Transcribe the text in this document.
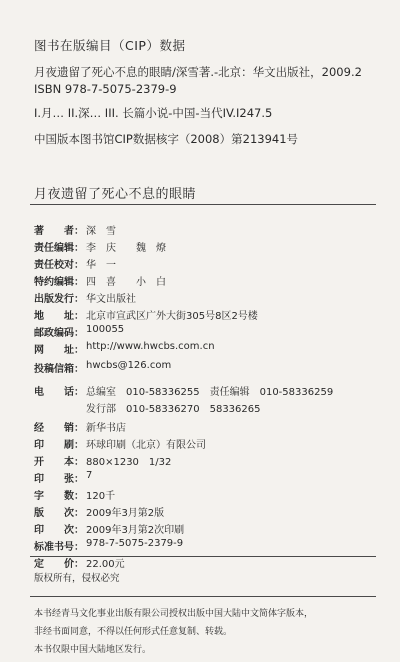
图书在版编目（CIP）数据
月夜遗留了死心不息的眼睛/深雪著.-北京：华文出版社，2009.2
ISBN 978-7-5075-2379-9
I.月… II.深… III. 长篇小说-中国-当代IV.I247.5
中国版本图书馆CIP数据核字（2008）第213941号
月夜遗留了死心不息的眼睛
著　　者： 深　雪
责任编辑： 李　庆　　魏　燎
责任校对： 华　一
特约编辑： 四　喜　　小　白
出版发行： 华文出版社
地　　址： 北京市宣武区广外大街305号8区2号楼
邮政编码： 100055
网　　址： http://www.hwcbs.com.cn
投稿信箱： hwcbs@126.com
电　　话： 总编室　010-58336255　责任编辑　010-58336259
发行部　010-58336270　58336265
经　　销： 新华书店
印　　刷： 环球印刷（北京）有限公司
开　　本： 880×1230　1/32
印　　张： 7
字　　数： 120千
版　　次： 2009年3月第2版
印　　次： 2009年3月第2次印刷
标准书号： 978-7-5075-2379-9
定　　价： 22.00元
版权所有，侵权必究
本书经青马文化事业出版有限公司授权出版中国大陆中文简体字版本，
非经书面同意，不得以任何形式任意复制、转载。
本书仅限中国大陆地区发行。
